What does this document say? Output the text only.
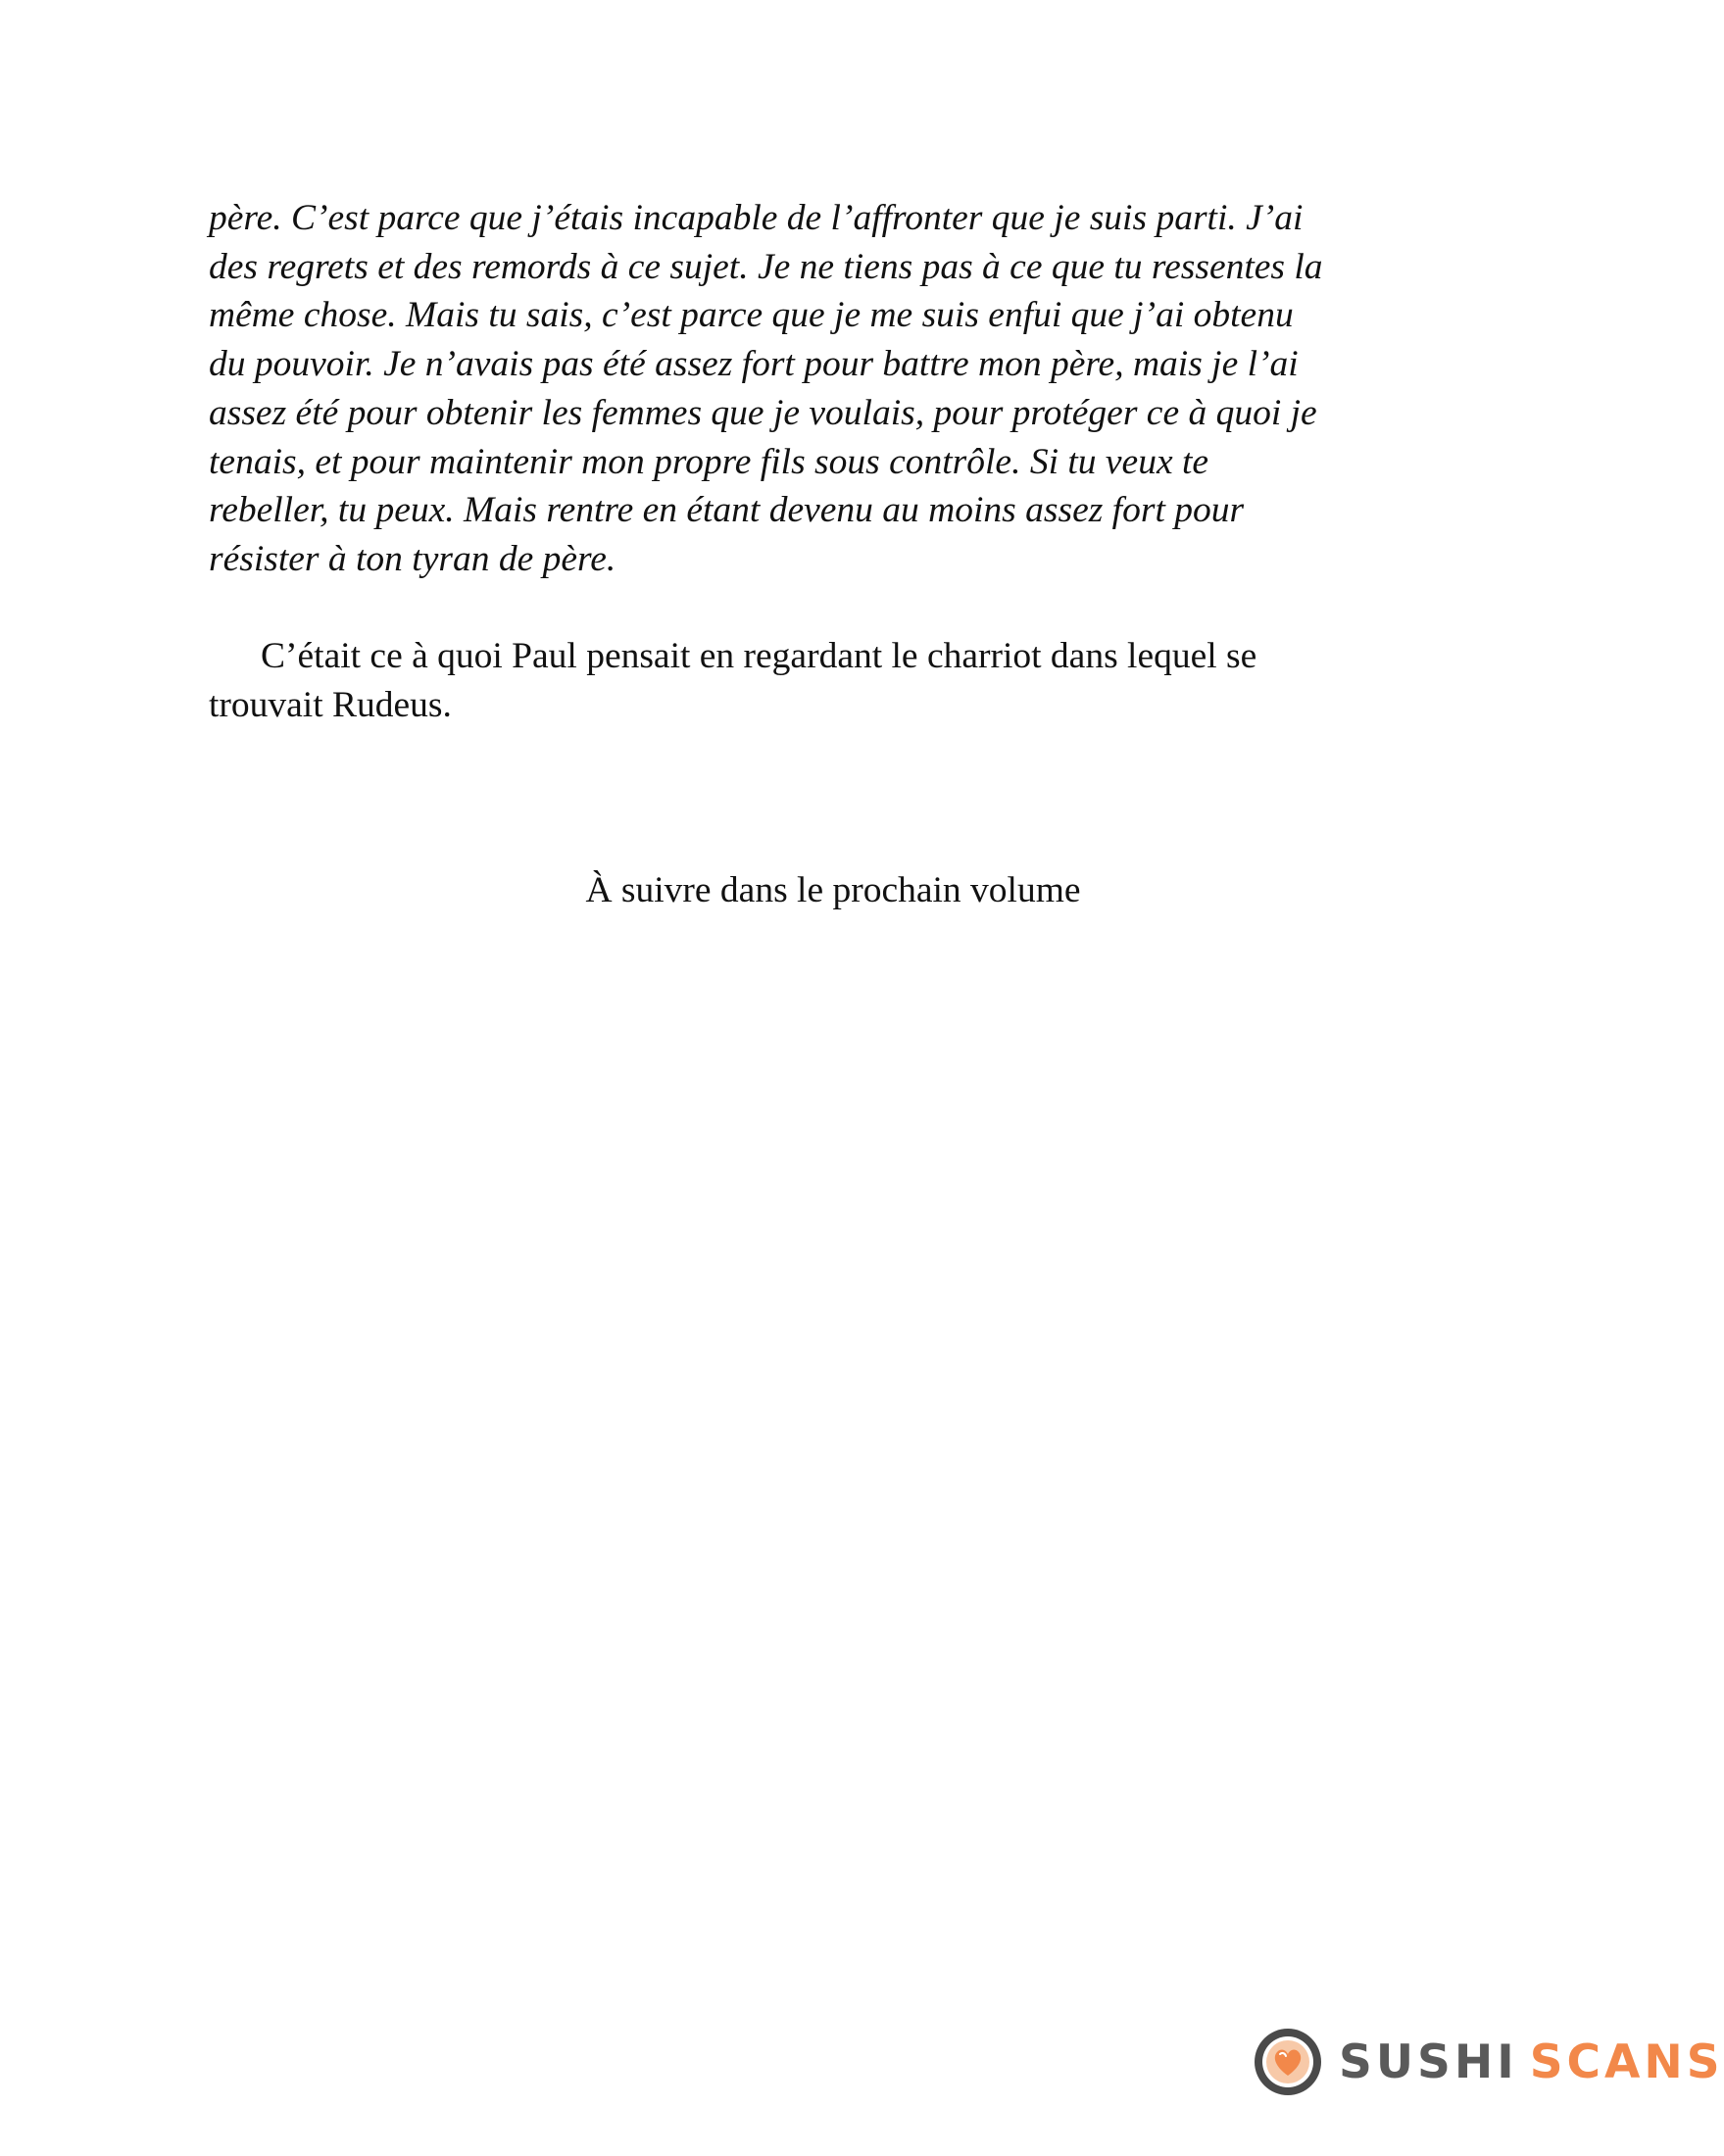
père. C’est parce que j’étais incapable de l’affronter que je suis parti. J’ai
des regrets et des remords à ce sujet. Je ne tiens pas à ce que tu ressentes la
même chose. Mais tu sais, c’est parce que je me suis enfui que j’ai obtenu
du pouvoir. Je n’avais pas été assez fort pour battre mon père, mais je l’ai
assez été pour obtenir les femmes que je voulais, pour protéger ce à quoi je
tenais, et pour maintenir mon propre fils sous contrôle. Si tu veux te
rebeller, tu peux. Mais rentre en étant devenu au moins assez fort pour
résister à ton tyran de père.
C’était ce à quoi Paul pensait en regardant le charriot dans lequel se
trouvait Rudeus.
À suivre dans le prochain volume
SUSHI SCANS
